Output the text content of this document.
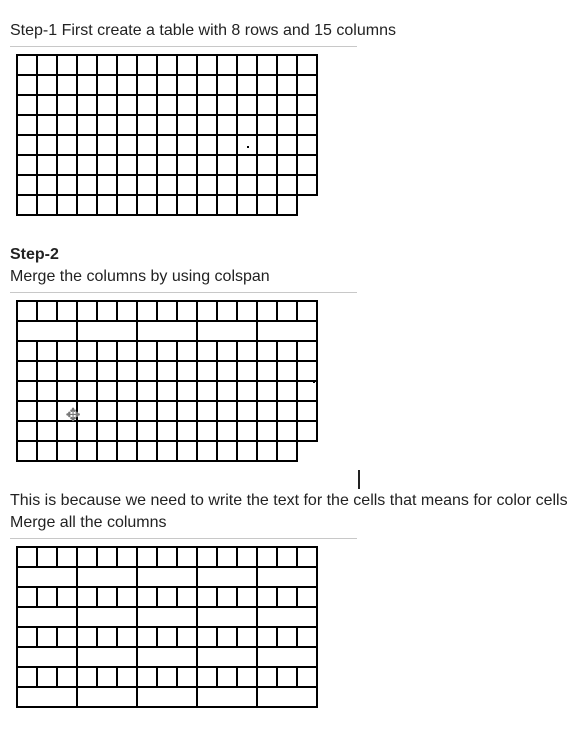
Step-1 First create a table with 8 rows and 15 columns

Step-2
Merge the columns by using colspan

✥
This is because we need to write the text for the cells that means for color cells
Merge all the columns
